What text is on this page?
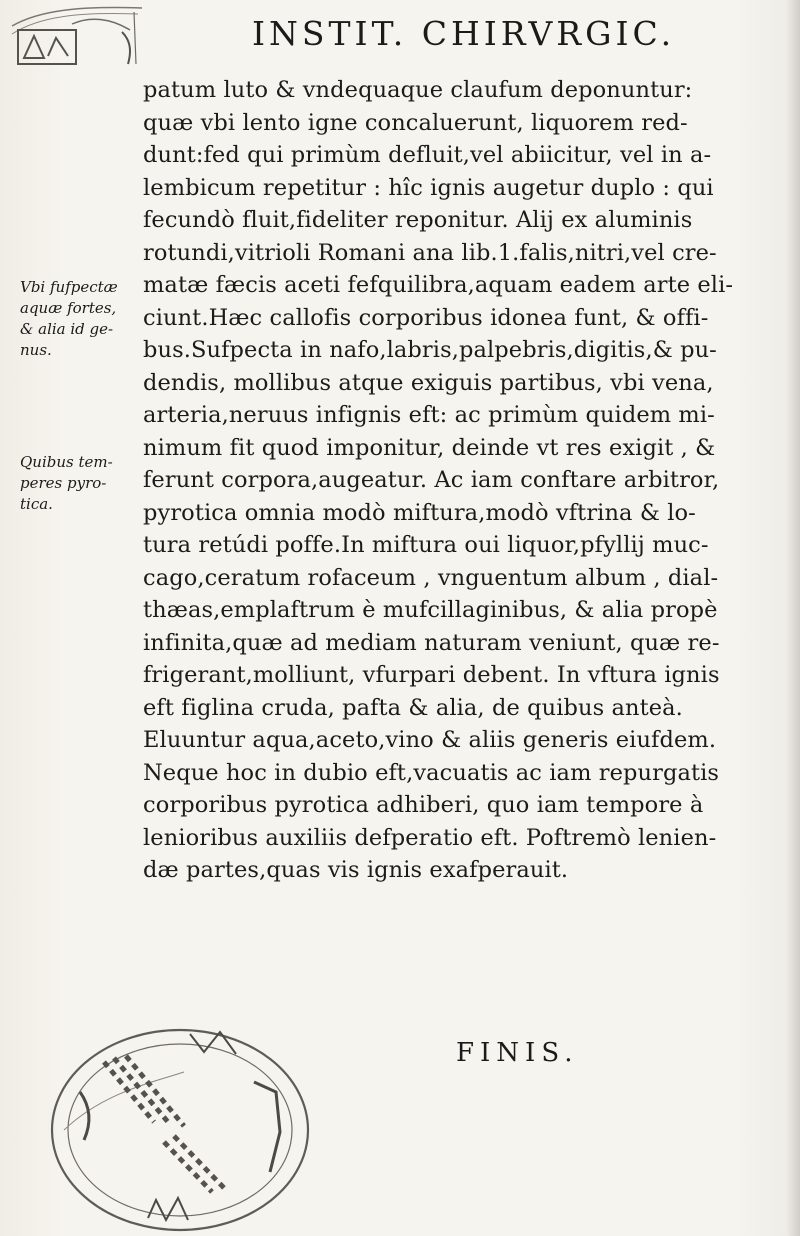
INSTIT. CHIRVRGIC.
Vbi fufpectæ
aquæ fortes,
& alia id ge-
nus.
Quibus tem-
peres pyro-
tica.
patum luto & vndequaque claufum deponuntur:
quæ vbi lento igne concaluerunt, liquorem red-
dunt:fed qui primùm defluit,vel abiicitur, vel in a-
lembicum repetitur : hîc ignis augetur duplo : qui
fecundò fluit,fideliter reponitur. Alij ex aluminis
rotundi,vitrioli Romani ana lib.1.falis,nitri,vel cre-
matæ fæcis aceti fefquilibra,aquam eadem arte eli-
ciunt.Hæc callofis corporibus idonea funt, & offi-
bus.Sufpecta in nafo,labris,palpebris,digitis,& pu-
dendis, mollibus atque exiguis partibus, vbi vena,
arteria,neruus infignis eft: ac primùm quidem mi-
nimum fit quod imponitur, deinde vt res exigit , &
ferunt corpora,augeatur. Ac iam conftare arbitror,
pyrotica omnia modò miftura,modò vftrina & lo-
tura retúdi poffe.In miftura oui liquor,pfyllij muc-
cago,ceratum rofaceum , vnguentum album , dial-
thæas,emplaftrum è mufcillaginibus, & alia propè
infinita,quæ ad mediam naturam veniunt, quæ re-
frigerant,molliunt, vfurpari debent. In vftura ignis
eft figlina cruda, pafta & alia, de quibus anteà.
Eluuntur aqua,aceto,vino & aliis generis eiufdem.
Neque hoc in dubio eft,vacuatis ac iam repurgatis
corporibus pyrotica adhiberi, quo iam tempore à
lenioribus auxiliis defperatio eft. Poftremò lenien-
dæ partes,quas vis ignis exafperauit.
FINIS.
